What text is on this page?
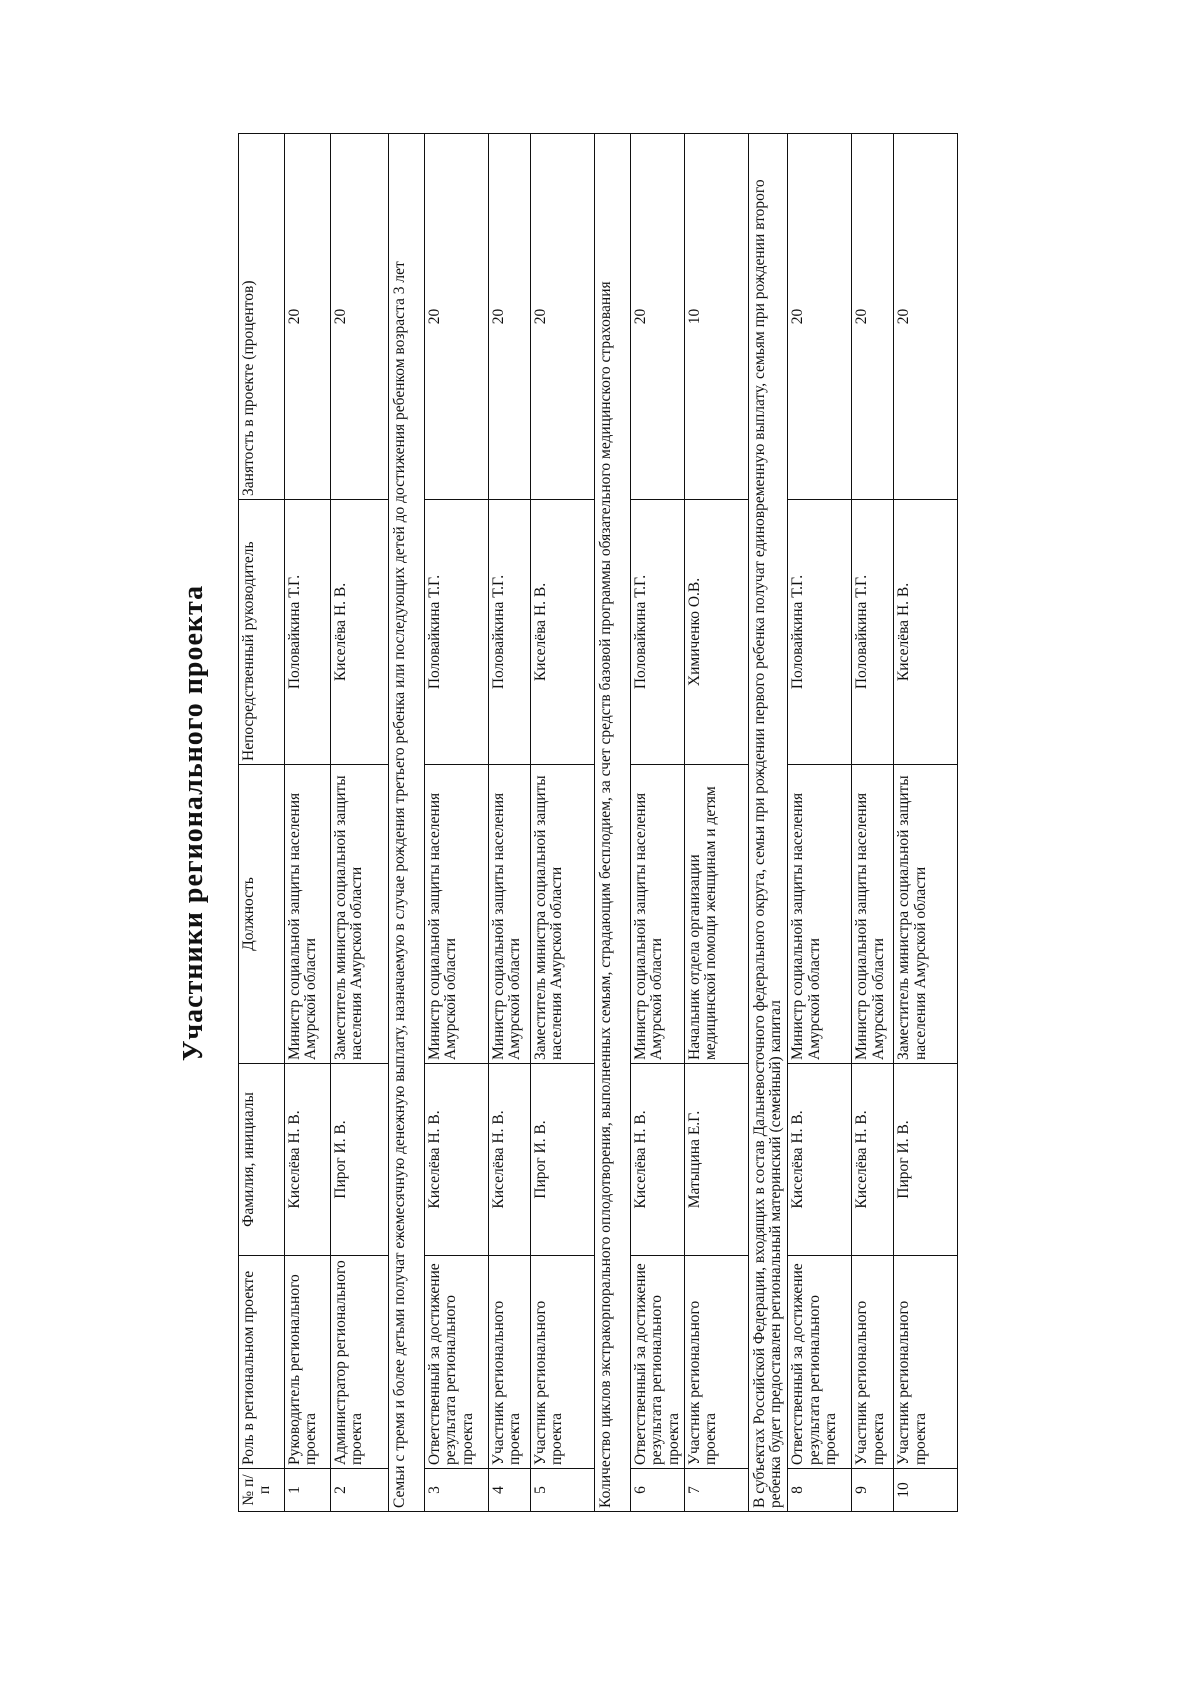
Участники регионального проекта
№ п/п	Роль в региональном проекте	Фамилия, инициалы	Должность	Непосредственный руководитель	Занятость в проекте (процентов)
1	Руководитель регионального проекта	Киселёва Н. В.	Министр социальной защиты населения Амурской области	Половайкина Т.Г.	20
2	Администратор регионального проекта	Пирог И. В.	Заместитель министра социальной защиты населения Амурской области	Киселёва Н. В.	20
Семьи с тремя и более детьми получат ежемесячную денежную выплату, назначаемую в случае рождения третьего ребенка или последующих детей до достижения ребенком возраста 3 лет					
3	Ответственный за достижение результата регионального проекта	Киселёва Н. В.	Министр социальной защиты населения Амурской области	Половайкина Т.Г.	20
4	Участник регионального проекта	Киселёва Н. В.	Министр социальной защиты населения Амурской области	Половайкина Т.Г.	20
5	Участник регионального проекта	Пирог И. В.	Заместитель министра социальной защиты населения Амурской области	Киселёва Н. В.	20
Количество циклов экстракорпорального оплодотворения, выполненных семьям, страдающим бесплодием, за счет средств базовой программы обязательного медицинского страхования					
6	Ответственный за достижение результата регионального проекта	Киселёва Н. В.	Министр социальной защиты населения Амурской области	Половайкина Т.Г.	20
7	Участник регионального проекта	Матыцина Е.Г.	Начальник отдела организации медицинской помощи женщинам и детям	Химиченко О.В.	10
В субъектах Российской Федерации, входящих в состав Дальневосточного федерального округа, семьи при рождении первого ребенка получат единовременную выплату, семьям при рождении второго ребенка будет предоставлен региональный материнский (семейный) капитал					
8	Ответственный за достижение результата регионального проекта	Киселёва Н. В.	Министр социальной защиты населения Амурской области	Половайкина Т.Г.	20
9	Участник регионального проекта	Киселёва Н. В.	Министр социальной защиты населения Амурской области	Половайкина Т.Г.	20
10	Участник регионального проекта	Пирог И. В.	Заместитель министра социальной защиты населения Амурской области	Киселёва Н. В.	20
